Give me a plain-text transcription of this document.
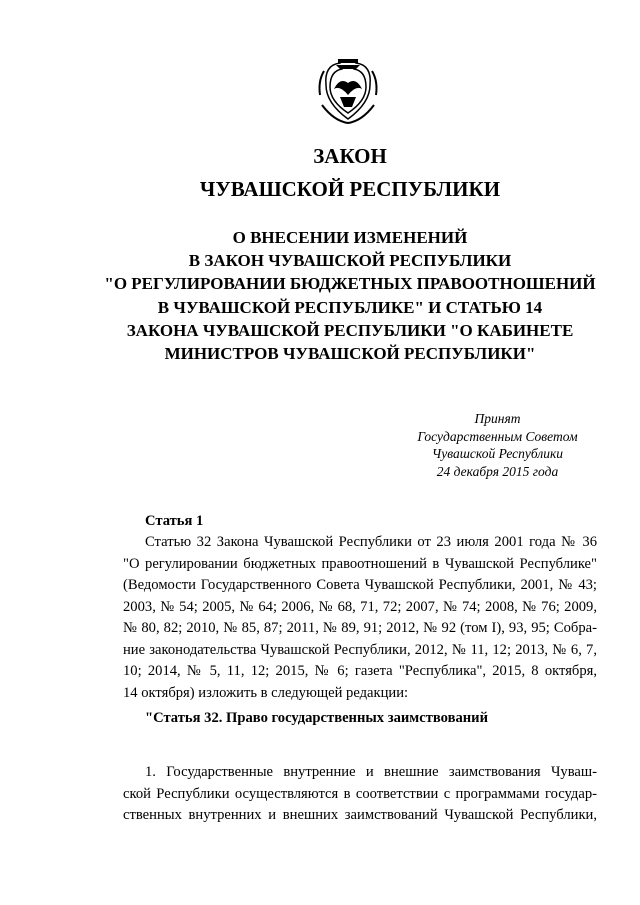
ЗАКОН
ЧУВАШСКОЙ РЕСПУБЛИКИ
О ВНЕСЕНИИ ИЗМЕНЕНИЙ
В ЗАКОН ЧУВАШСКОЙ РЕСПУБЛИКИ
"О РЕГУЛИРОВАНИИ БЮДЖЕТНЫХ ПРАВООТНОШЕНИЙ
В ЧУВАШСКОЙ РЕСПУБЛИКЕ" И СТАТЬЮ 14
ЗАКОНА ЧУВАШСКОЙ РЕСПУБЛИКИ "О КАБИНЕТЕ
МИНИСТРОВ ЧУВАШСКОЙ РЕСПУБЛИКИ"
Принят
Государственным Советом
Чувашской Республики
24 декабря 2015 года
Статья 1
Статью 32 Закона Чувашской Республики от 23 июля 2001 года № 36
"О регулировании бюджетных правоотношений в Чувашской Республике"
(Ведомости Государственного Совета Чувашской Республики, 2001, № 43;
2003, № 54; 2005, № 64; 2006, № 68, 71, 72; 2007, № 74; 2008, № 76; 2009,
№ 80, 82; 2010, № 85, 87; 2011, № 89, 91; 2012, № 92 (том I), 93, 95; Собра-
ние законодательства Чувашской Республики, 2012, № 11, 12; 2013, № 6, 7,
10; 2014, № 5, 11, 12; 2015, № 6; газета "Республика", 2015, 8 октября,
14 октября) изложить в следующей редакции:
"Статья 32. Право государственных заимствований
1. Государственные внутренние и внешние заимствования Чуваш-
ской Республики осуществляются в соответствии с программами государ-
ственных внутренних и внешних заимствований Чувашской Республики,
